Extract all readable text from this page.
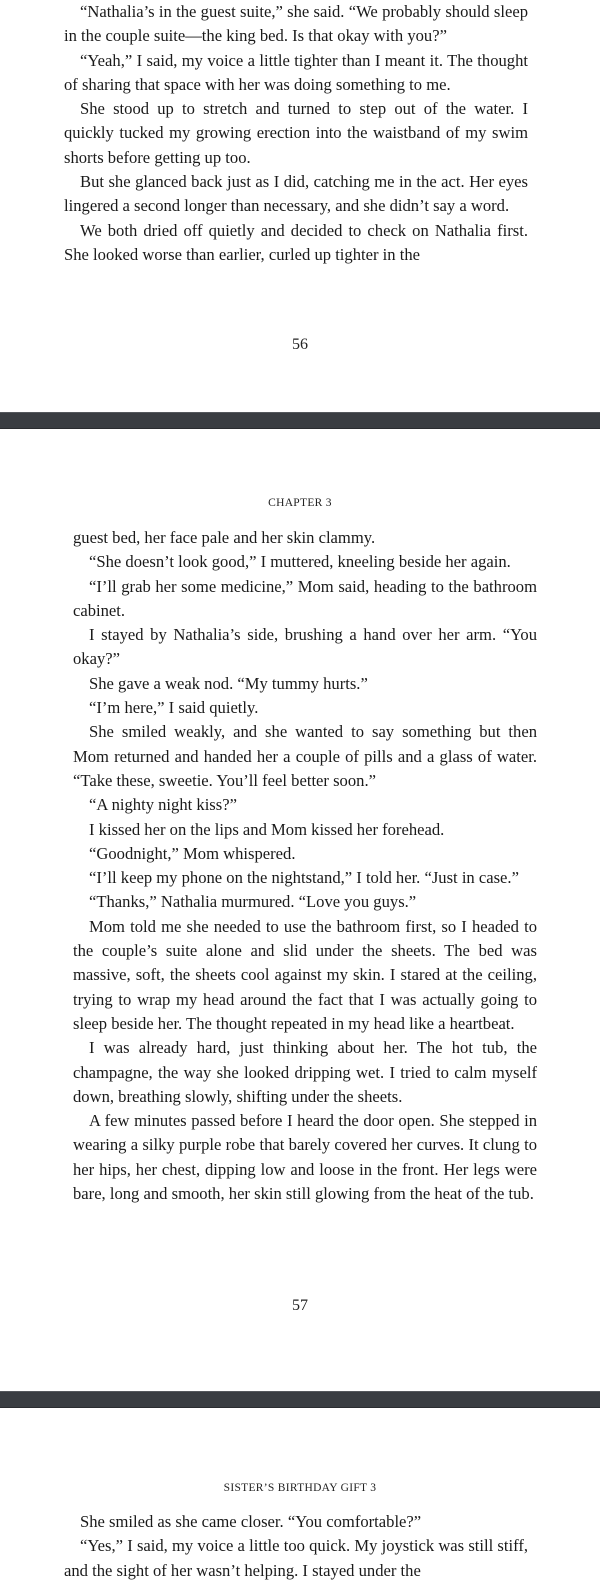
“Nathalia’s in the guest suite,” she said. “We probably should sleep in the couple suite—the king bed. Is that okay with you?”

“Yeah,” I said, my voice a little tighter than I meant it. The thought of sharing that space with her was doing something to me.

She stood up to stretch and turned to step out of the water. I quickly tucked my growing erection into the waistband of my swim shorts before getting up too.

But she glanced back just as I did, catching me in the act. Her eyes lingered a second longer than necessary, and she didn’t say a word.

We both dried off quietly and decided to check on Nathalia first. She looked worse than earlier, curled up tighter in the

56
CHAPTER 3

guest bed, her face pale and her skin clammy.

“She doesn’t look good,” I muttered, kneeling beside her again.

“I’ll grab her some medicine,” Mom said, heading to the bathroom cabinet.

I stayed by Nathalia’s side, brushing a hand over her arm. “You okay?”

She gave a weak nod. “My tummy hurts.”

“I’m here,” I said quietly.

She smiled weakly, and she wanted to say something but then Mom returned and handed her a couple of pills and a glass of water. “Take these, sweetie. You’ll feel better soon.”

“A nighty night kiss?”

I kissed her on the lips and Mom kissed her forehead.

“Goodnight,” Mom whispered.

“I’ll keep my phone on the nightstand,” I told her. “Just in case.”

“Thanks,” Nathalia murmured. “Love you guys.”

Mom told me she needed to use the bathroom first, so I headed to the couple’s suite alone and slid under the sheets. The bed was massive, soft, the sheets cool against my skin. I stared at the ceiling, trying to wrap my head around the fact that I was actually going to sleep beside her. The thought repeated in my head like a heartbeat.

I was already hard, just thinking about her. The hot tub, the champagne, the way she looked dripping wet. I tried to calm myself down, breathing slowly, shifting under the sheets.

A few minutes passed before I heard the door open. She stepped in wearing a silky purple robe that barely covered her curves. It clung to her hips, her chest, dipping low and loose in the front. Her legs were bare, long and smooth, her skin still glowing from the heat of the tub.

57
SISTER’S BIRTHDAY GIFT 3

She smiled as she came closer. “You comfortable?”

“Yes,” I said, my voice a little too quick. My joystick was still stiff, and the sight of her wasn’t helping. I stayed under the
